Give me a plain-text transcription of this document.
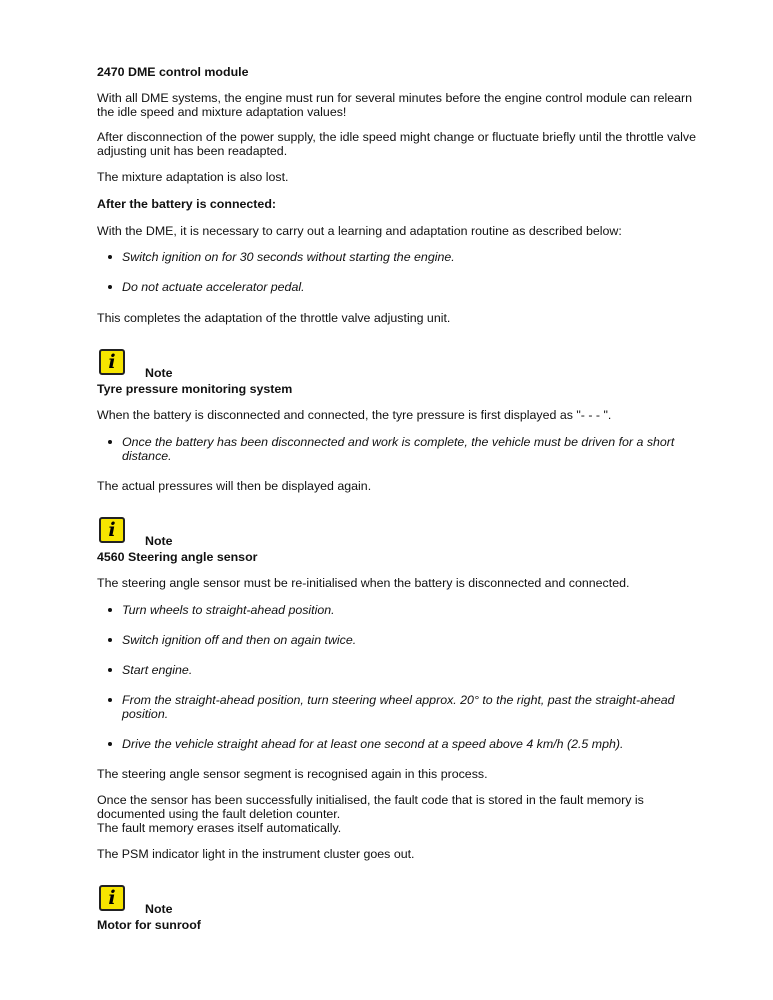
2470 DME control module
With all DME systems, the engine must run for several minutes before the engine control module can relearn
the idle speed and mixture adaptation values!
After disconnection of the power supply, the idle speed might change or fluctuate briefly until the throttle valve
adjusting unit has been readapted.
The mixture adaptation is also lost.
After the battery is connected:
With the DME, it is necessary to carry out a learning and adaptation routine as described below:
Switch ignition on for 30 seconds without starting the engine.
Do not actuate accelerator pedal.
This completes the adaptation of the throttle valve adjusting unit.
i	Note
Tyre pressure monitoring system
When the battery is disconnected and connected, the tyre pressure is first displayed as "- - - ".
Once the battery has been disconnected and work is complete, the vehicle must be driven for a short
distance.
The actual pressures will then be displayed again.
i	Note
4560 Steering angle sensor
The steering angle sensor must be re-initialised when the battery is disconnected and connected.
Turn wheels to straight-ahead position.
Switch ignition off and then on again twice.
Start engine.
From the straight-ahead position, turn steering wheel approx. 20° to the right, past the straight-ahead
position.
Drive the vehicle straight ahead for at least one second at a speed above 4 km/h (2.5 mph).
The steering angle sensor segment is recognised again in this process.
Once the sensor has been successfully initialised, the fault code that is stored in the fault memory is
documented using the fault deletion counter.
The fault memory erases itself automatically.
The PSM indicator light in the instrument cluster goes out.
i	Note
Motor for sunroof
